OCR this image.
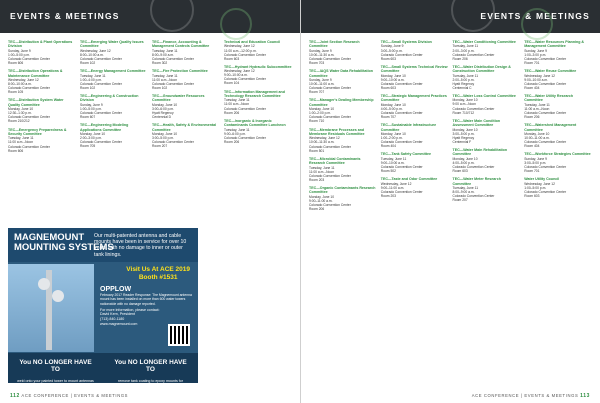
EVENTS & MEETINGS
TEC—Distribution & Plant Operations Division
Sunday, June 9
1:00–5:00 p.m.
Colorado Convention Center
Room 606
TEC—Distribution Operations & Maintenance Committee
Wednesday, June 12
8:00–10:00 a.m.
Colorado Convention Center
Room 105
TEC—Distribution System Water Quality Committee
Monday, June 10
12:30–1:30 p.m.
Colorado Convention Center
Room 210/212
TEC—Emergency Preparedness & Security Committee
Tuesday, June 11
11:00 a.m.–Noon
Colorado Convention Center
Room 606
TEC—Emerging Water Quality Issues Committee
Wednesday, June 12
8:00–10:00 a.m.
Colorado Convention Center
Room 102
TEC—Energy Management Committee
Tuesday, June 11
1:00–4:00 p.m.
Colorado Convention Center
Room 102
TEC—Engineering & Construction Division
Sunday, June 9
1:00–5:00 p.m.
Colorado Convention Center
Room 607
TEC—Engineering Modeling Applications Committee
Monday, June 10
2:00–3:00 p.m.
Colorado Convention Center
Room 705
TEC—Finance, Accounting & Management Controls Committee
Tuesday, June 11
8:00–9:00 a.m.
Colorado Convention Center
Room 302
TEC—Fire Protection Committee
Tuesday, June 11
11:00 a.m.–Noon
Colorado Convention Center
Room 102
TEC—Groundwater Resources Committee
Monday, June 10
3:00–6:00 p.m.
Hyatt Regency
Centennial D
TEC—Health, Safety & Environmental Committee
Monday, June 10
3:00–5:00 p.m.
Colorado Convention Center
Room 207
Technical and Education Council
Wednesday, June 12
11:00 a.m.–12:00 p.m.
Colorado Convention Center
Room 603
TEC—Hydrant Hydraulic Subcommittee
Wednesday, June 12
9:00–10:00 a.m.
Colorado Convention Center
Room 104
TEC—Information Management and Technology Research Committee
Tuesday, June 11
11:00 a.m.–Noon
Colorado Convention Center
Room 206
TEC—Inorganic & Inorganic Contaminants Committee Luncheon
Tuesday, June 11
9:00–6:00 p.m.
Colorado Convention Center
Room 206
MAGNEMOUNT
MOUNTING SYSTEMS
Our multi-patented antenna and cable mounts have been in service for over 10 years with no damage to inner or outer tank linings.
Visit Us At ACE 2019
Booth #1531
OPPLOW
February 2017 Reader Response: The Magnemount antenna mount has been installed on more than 600 water towers nationwide with no damage reported.
For more information, please contact:
David Kern, President
(713) 840-1180
www.magnemount.com
You NO LONGER HAVE TO
weld onto your painted tower to mount antennas or cables.
You NO LONGER HAVE TO
remove tank coating to epoxy mounts for antennas or cables.
112 ACE CONFERENCE | EVENTS & MEETINGS
EVENTS & MEETINGS
TEC—Joint Section Research Committee
Sunday, June 9
10:00–11:30 a.m.
Colorado Convention Center
Room 703
TEC—IAQS Water Data Rehabilitation Committee
Sunday, June 9
10:00–11:00 a.m.
Colorado Convention Center
Room 707
TEC—Manager's Dealing Membership Committee
Monday, June 10
1:00–2:00 p.m.
Colorado Convention Center
Room 710
TEC—Membrane Processes and Membrane Residuals Committee
Wednesday, June 12
10:00–11:30 a.m.
Colorado Convention Center
Room 501
TEC—Microbial Contaminants Research Committee
Tuesday, June 11
11:00 a.m.–Noon
Colorado Convention Center
Room 203
TEC—Organic Contaminants Research Committee
Monday, June 10
9:00–11:00 a.m.
Colorado Convention Center
Room 206
TEC—Small Systems Division
Sunday, June 9
3:00–5:00 p.m.
Colorado Convention Center
Room 603
TEC—Small Systems Technical Review Committee
Monday, June 10
9:00–10:00 a.m.
Colorado Convention Center
Room 603
TEC—Strategic Management Practices Committee
Monday, June 10
4:00–5:00 p.m.
Colorado Convention Center
Room 707
TEC—Sustainable Infrastructure Committee
Monday, June 10
1:00–2:00 p.m.
Colorado Convention Center
Room 404
TEC—Tank Safety Committee
Tuesday, June 11
9:00–10:00 a.m.
Colorado Convention Center
Room 502
TEC—Taste and Odor Committee
Wednesday, June 12
9:00–11:00 a.m.
Colorado Convention Center
Room 203
TEC—Water Conditioning Committee
Tuesday, June 11
2:00–3:00 p.m.
Colorado Convention Center
Room 206
TEC—Water Distribution Design & Construction Committee
Tuesday, June 11
2:00–5:00 p.m.
Hyatt Regency
Centennial C
TEC—Water Loss Control Committee
Monday, June 10
9:00 a.m.–Noon
Colorado Convention Center
Room 710/712
TEC—Water Main Condition Assessment Committee
Monday, June 10
3:00–5:00 p.m.
Hyatt Regency
Centennial F
TEC—Water Main Rehabilitation Committee
Monday, June 10
4:00–5:00 p.m.
Colorado Convention Center
Room 603
TEC—Water Meter Research Committee
Tuesday, June 11
8:00–9:00 a.m.
Colorado Convention Center
Room 207
TEC—Water Resources Planning & Management Committee
Sunday, June 9
1:00–3:00 p.m.
Colorado Convention Center
Room 701
TEC—Water Reuse Committee
Wednesday, June 12
9:00–10:00 a.m.
Colorado Convention Center
Room 404
TEC—Water Utility Research Committee
Tuesday, June 11
11:00 a.m.–Noon
Colorado Convention Center
Room 206
TEC—Watershed Management Committee
Monday, June 10
10:00–11:00 a.m.
Colorado Convention Center
Room 404
TEC—Workforce Strategies Committee
Sunday, June 9
3:00–5:00 p.m.
Colorado Convention Center
Room 701
Water Utility Council
Wednesday, June 12
1:00–5:00 p.m.
Colorado Convention Center
Room 603
ACE CONFERENCE | EVENTS & MEETINGS 113
